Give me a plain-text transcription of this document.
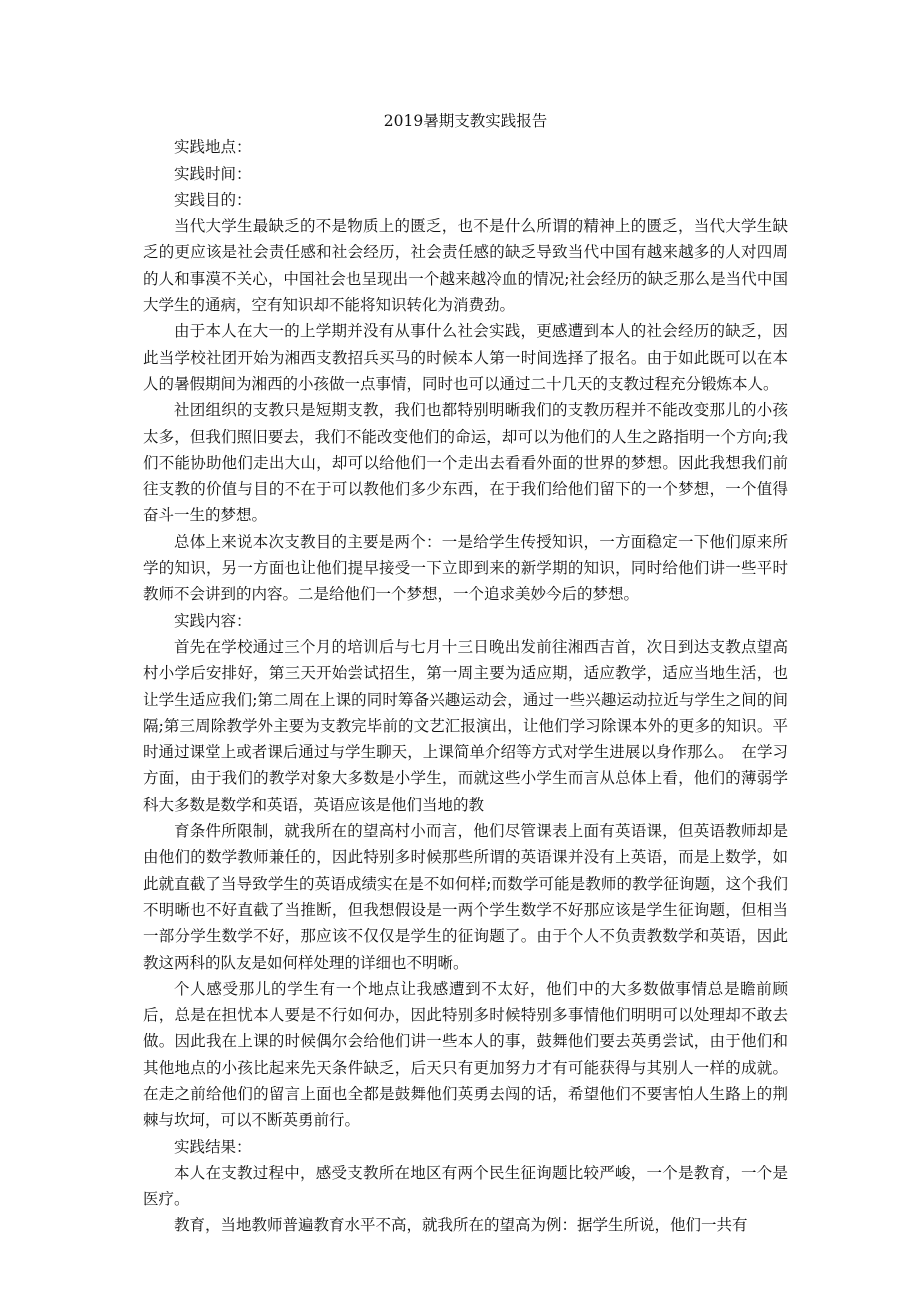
2019暑期支教实践报告

实践地点：

实践时间：

实践目的：

当代大学生最缺乏的不是物质上的匮乏，也不是什么所谓的精神上的匮乏，当代大学生缺乏的更应该是社会责任感和社会经历，社会责任感的缺乏导致当代中国有越来越多的人对四周的人和事漠不关心，中国社会也呈现出一个越来越冷血的情况;社会经历的缺乏那么是当代中国大学生的通病，空有知识却不能将知识转化为消费劲。

由于本人在大一的上学期并没有从事什么社会实践，更感遭到本人的社会经历的缺乏，因此当学校社团开始为湘西支教招兵买马的时候本人第一时间选择了报名。由于如此既可以在本人的暑假期间为湘西的小孩做一点事情，同时也可以通过二十几天的支教过程充分锻炼本人。

社团组织的支教只是短期支教，我们也都特别明晰我们的支教历程并不能改变那儿的小孩太多，但我们照旧要去，我们不能改变他们的命运，却可以为他们的人生之路指明一个方向;我们不能协助他们走出大山，却可以给他们一个走出去看看外面的世界的梦想。因此我想我们前往支教的价值与目的不在于可以教他们多少东西，在于我们给他们留下的一个梦想，一个值得奋斗一生的梦想。

总体上来说本次支教目的主要是两个：一是给学生传授知识，一方面稳定一下他们原来所学的知识，另一方面也让他们提早接受一下立即到来的新学期的知识，同时给他们讲一些平时教师不会讲到的内容。二是给他们一个梦想，一个追求美妙今后的梦想。

实践内容：

首先在学校通过三个月的培训后与七月十三日晚出发前往湘西吉首，次日到达支教点望高村小学后安排好，第三天开始尝试招生，第一周主要为适应期，适应教学，适应当地生活，也让学生适应我们;第二周在上课的同时筹备兴趣运动会，通过一些兴趣运动拉近与学生之间的间隔;第三周除教学外主要为支教完毕前的文艺汇报演出，让他们学习除课本外的更多的知识。平时通过课堂上或者课后通过与学生聊天，上课简单介绍等方式对学生进展以身作那么。　在学习方面，由于我们的教学对象大多数是小学生，而就这些小学生而言从总体上看，他们的薄弱学科大多数是数学和英语，英语应该是他们当地的教

育条件所限制，就我所在的望高村小而言，他们尽管课表上面有英语课，但英语教师却是由他们的数学教师兼任的，因此特别多时候那些所谓的英语课并没有上英语，而是上数学，如此就直截了当导致学生的英语成绩实在是不如何样;而数学可能是教师的教学征询题，这个我们不明晰也不好直截了当推断，但我想假设是一两个学生数学不好那应该是学生征询题，但相当一部分学生数学不好，那应该不仅仅是学生的征询题了。由于个人不负责教数学和英语，因此教这两科的队友是如何样处理的详细也不明晰。

个人感受那儿的学生有一个地点让我感遭到不太好，他们中的大多数做事情总是瞻前顾后，总是在担忧本人要是不行如何办，因此特别多时候特别多事情他们明明可以处理却不敢去做。因此我在上课的时候偶尔会给他们讲一些本人的事，鼓舞他们要去英勇尝试，由于他们和其他地点的小孩比起来先天条件缺乏，后天只有更加努力才有可能获得与其别人一样的成就。在走之前给他们的留言上面也全都是鼓舞他们英勇去闯的话，希望他们不要害怕人生路上的荆棘与坎坷，可以不断英勇前行。

实践结果：

本人在支教过程中，感受支教所在地区有两个民生征询题比较严峻，一个是教育，一个是医疗。

教育，当地教师普遍教育水平不高，就我所在的望高为例：据学生所说，他们一共有
